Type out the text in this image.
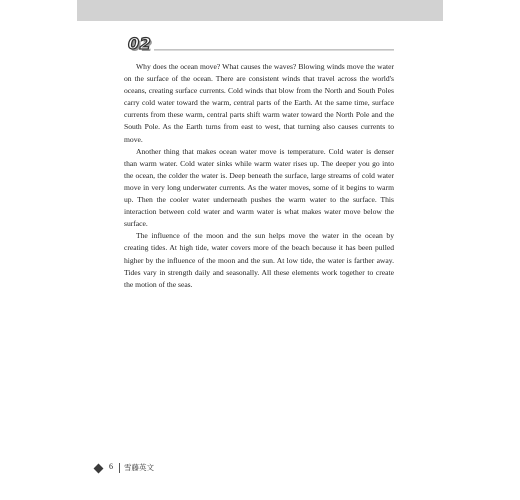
02

Why does the ocean move? What causes the waves? Blowing winds move the water on the surface of the ocean. There are consistent winds that travel across the world's oceans, creating surface currents. Cold winds that blow from the North and South Poles carry cold water toward the warm, central parts of the Earth. At the same time, surface currents from these warm, central parts shift warm water toward the North Pole and the South Pole. As the Earth turns from east to west, that turning also causes currents to move.

Another thing that makes ocean water move is temperature. Cold water is denser than warm water. Cold water sinks while warm water rises up. The deeper you go into the ocean, the colder the water is. Deep beneath the surface, large streams of cold water move in very long underwater currents. As the water moves, some of it begins to warm up. Then the cooler water underneath pushes the warm water to the surface. This interaction between cold water and warm water is what makes water move below the surface.

The influence of the moon and the sun helps move the water in the ocean by creating tides. At high tide, water covers more of the beach because it has been pulled higher by the influence of the moon and the sun. At low tide, the water is farther away. Tides vary in strength daily and seasonally. All these elements work together to create the motion of the seas.

6 雪藤英文
